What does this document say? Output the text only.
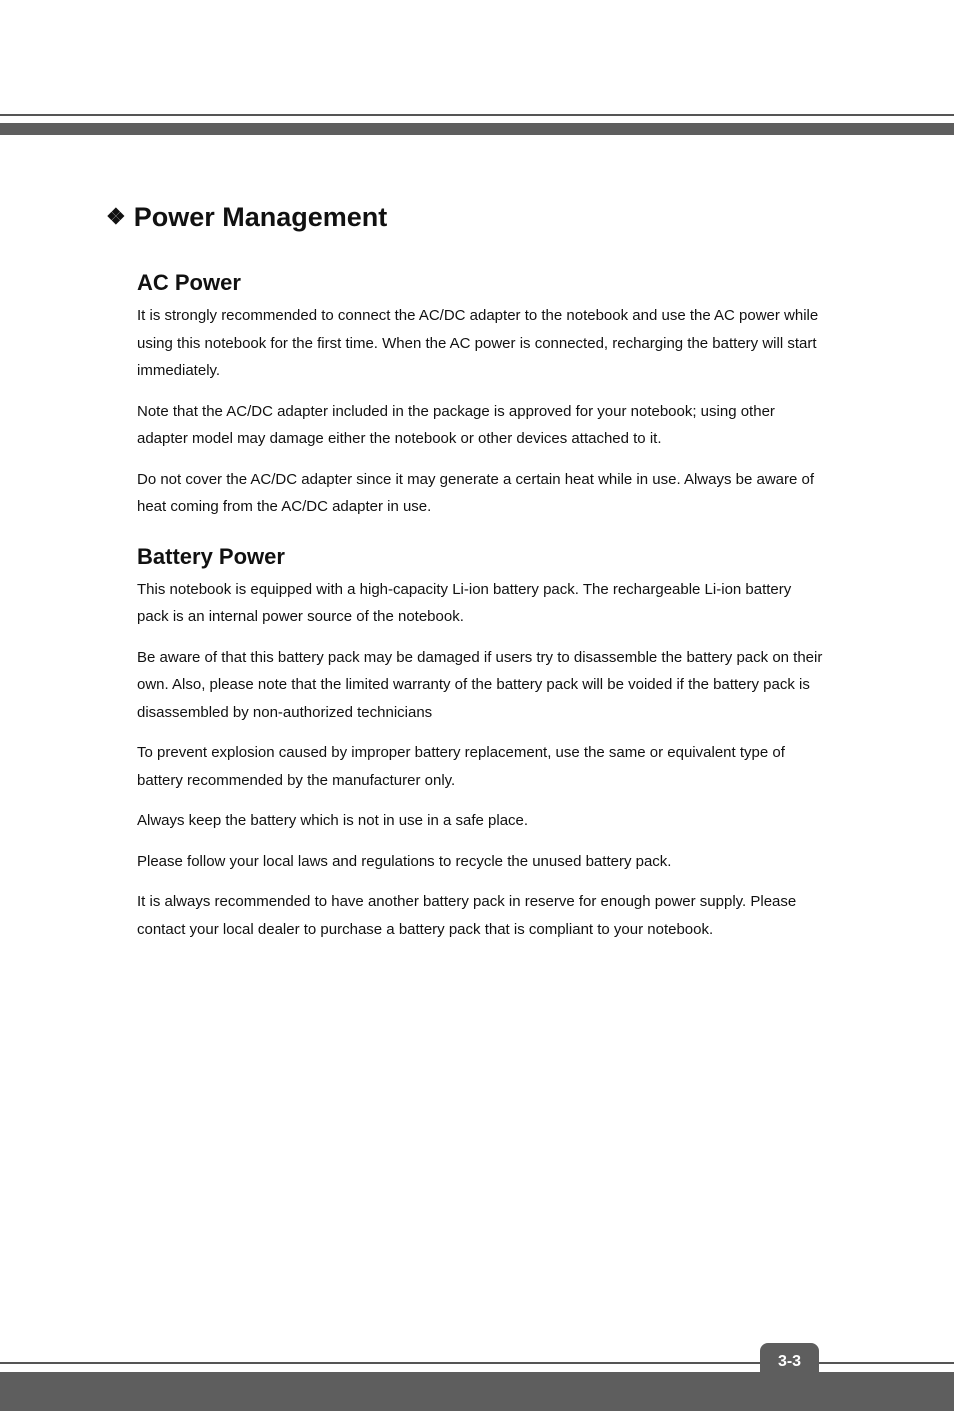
❖ Power Management
AC Power

It is strongly recommended to connect the AC/DC adapter to the notebook and use the AC power while using this notebook for the first time. When the AC power is connected, recharging the battery will start immediately.

Note that the AC/DC adapter included in the package is approved for your notebook; using other adapter model may damage either the notebook or other devices attached to it.

Do not cover the AC/DC adapter since it may generate a certain heat while in use. Always be aware of heat coming from the AC/DC adapter in use.

Battery Power

This notebook is equipped with a high-capacity Li-ion battery pack. The rechargeable Li-ion battery pack is an internal power source of the notebook.

Be aware of that this battery pack may be damaged if users try to disassemble the battery pack on their own. Also, please note that the limited warranty of the battery pack will be voided if the battery pack is disassembled by non-authorized technicians

To prevent explosion caused by improper battery replacement, use the same or equivalent type of battery recommended by the manufacturer only.

Always keep the battery which is not in use in a safe place.

Please follow your local laws and regulations to recycle the unused battery pack.

It is always recommended to have another battery pack in reserve for enough power supply. Please contact your local dealer to purchase a battery pack that is compliant to your notebook.

3-3
